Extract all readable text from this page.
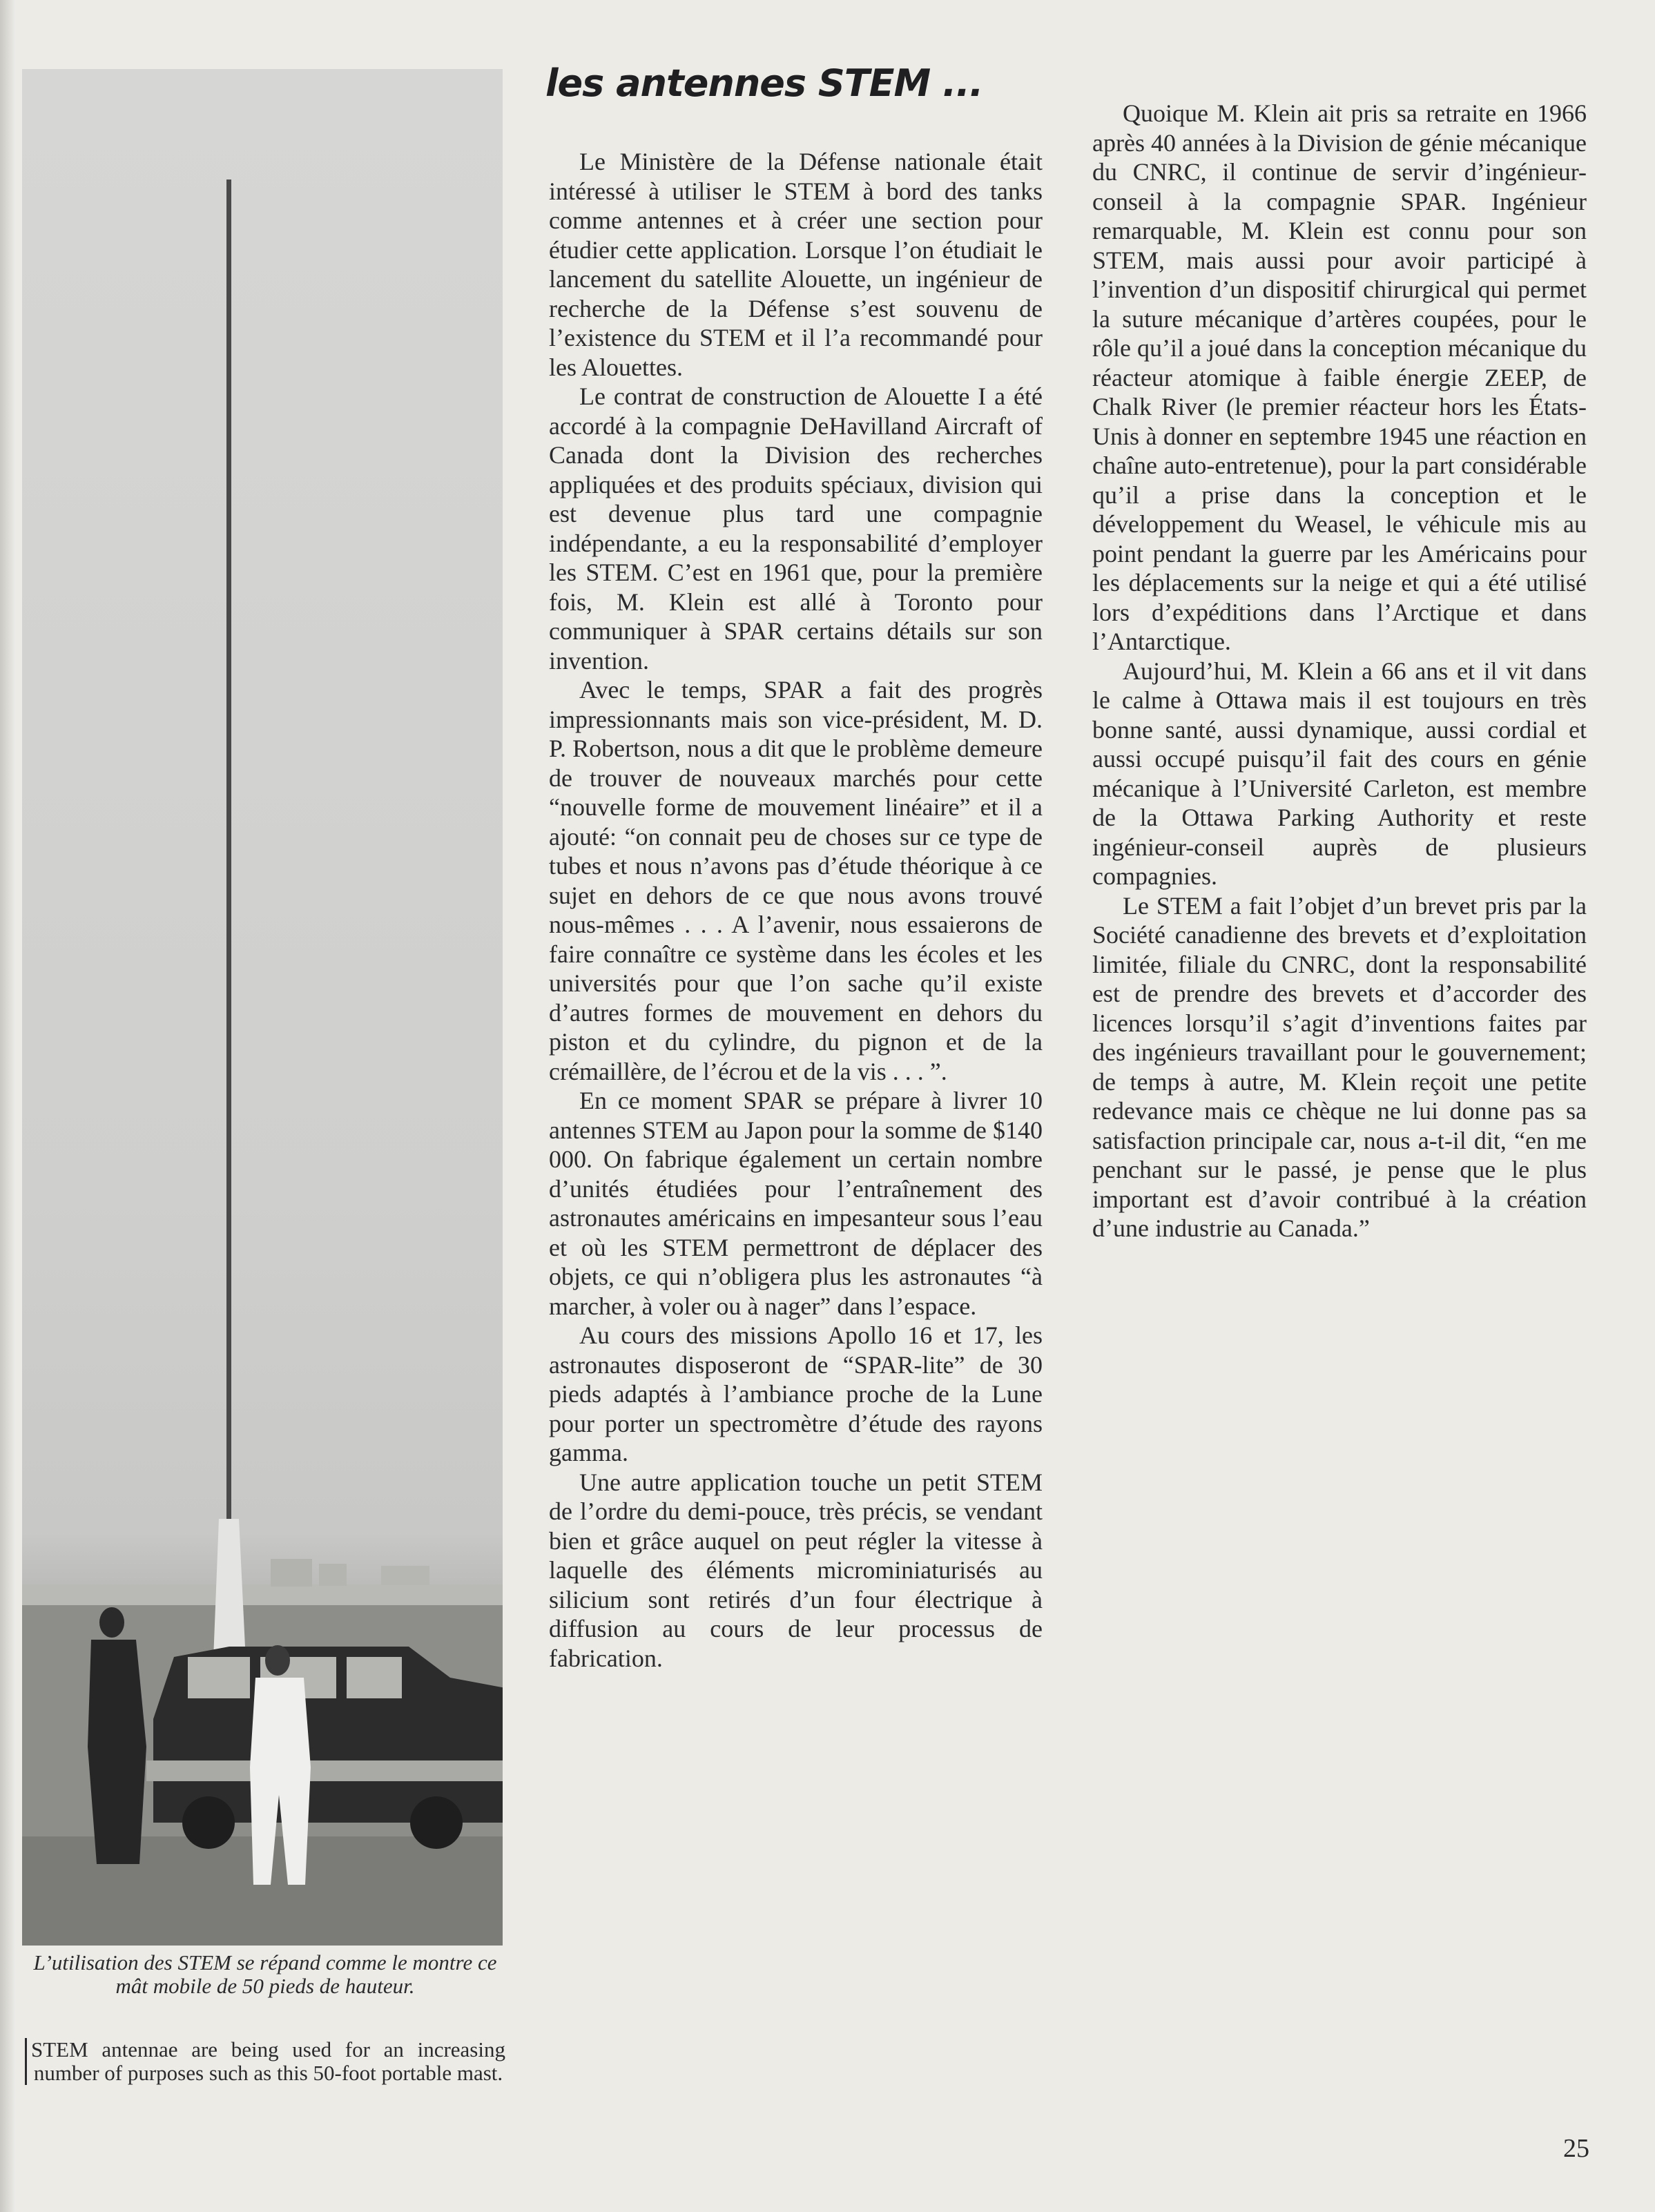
L’utilisation des STEM se répand comme le montre ce mât mobile de 50 pieds de hauteur.
STEM antennae are being used for an increasing number of purposes such as this 50-foot portable mast.
les antennes STEM ...

Le Ministère de la Défense nationale était intéressé à utiliser le STEM à bord des tanks comme antennes et à créer une section pour étudier cette application. Lorsque l’on étudiait le lancement du satellite Alouette, un ingénieur de recherche de la Défense s’est souvenu de l’existence du STEM et il l’a recommandé pour les Alouettes.

Le contrat de construction de Alouette I a été accordé à la compagnie DeHavilland Aircraft of Canada dont la Division des recherches appliquées et des produits spéciaux, division qui est devenue plus tard une compagnie indépendante, a eu la responsabilité d’employer les STEM. C’est en 1961 que, pour la première fois, M. Klein est allé à Toronto pour communiquer à SPAR certains détails sur son invention.

Avec le temps, SPAR a fait des progrès impressionnants mais son vice-président, M. D. P. Robertson, nous a dit que le problème demeure de trouver de nouveaux marchés pour cette “nouvelle forme de mouvement linéaire” et il a ajouté: “on connait peu de choses sur ce type de tubes et nous n’avons pas d’étude théorique à ce sujet en dehors de ce que nous avons trouvé nous-mêmes . . . A l’avenir, nous essaierons de faire connaître ce système dans les écoles et les universités pour que l’on sache qu’il existe d’autres formes de mouvement en dehors du piston et du cylindre, du pignon et de la crémaillère, de l’écrou et de la vis . . . ”.

En ce moment SPAR se prépare à livrer 10 antennes STEM au Japon pour la somme de $140 000. On fabrique également un certain nombre d’unités étudiées pour l’entraînement des astronautes américains en impesanteur sous l’eau et où les STEM permettront de déplacer des objets, ce qui n’obligera plus les astronautes “à marcher, à voler ou à nager” dans l’espace.

Au cours des missions Apollo 16 et 17, les astronautes disposeront de “SPAR-lite” de 30 pieds adaptés à l’ambiance proche de la Lune pour porter un spectromètre d’étude des rayons gamma.

Une autre application touche un petit STEM de l’ordre du demi-pouce, très précis, se vendant bien et grâce auquel on peut régler la vitesse à laquelle des éléments microminiaturisés au silicium sont retirés d’un four électrique à diffusion au cours de leur processus de fabrication.

Quoique M. Klein ait pris sa retraite en 1966 après 40 années à la Division de génie mécanique du CNRC, il continue de servir d’ingénieur-conseil à la compagnie SPAR. Ingénieur remarquable, M. Klein est connu pour son STEM, mais aussi pour avoir participé à l’invention d’un dispositif chirurgical qui permet la suture mécanique d’artères coupées, pour le rôle qu’il a joué dans la conception mécanique du réacteur atomique à faible énergie ZEEP, de Chalk River (le premier réacteur hors les États-Unis à donner en septembre 1945 une réaction en chaîne auto-entretenue), pour la part considérable qu’il a prise dans la conception et le développement du Weasel, le véhicule mis au point pendant la guerre par les Américains pour les déplacements sur la neige et qui a été utilisé lors d’expéditions dans l’Arctique et dans l’Antarctique.

Aujourd’hui, M. Klein a 66 ans et il vit dans le calme à Ottawa mais il est toujours en très bonne santé, aussi dynamique, aussi cordial et aussi occupé puisqu’il fait des cours en génie mécanique à l’Université Carleton, est membre de la Ottawa Parking Authority et reste ingénieur-conseil auprès de plusieurs compagnies.

Le STEM a fait l’objet d’un brevet pris par la Société canadienne des brevets et d’exploitation limitée, filiale du CNRC, dont la responsabilité est de prendre des brevets et d’accorder des licences lorsqu’il s’agit d’inventions faites par des ingénieurs travaillant pour le gouvernement; de temps à autre, M. Klein reçoit une petite redevance mais ce chèque ne lui donne pas sa satisfaction principale car, nous a-t-il dit, “en me penchant sur le passé, je pense que le plus important est d’avoir contribué à la création d’une industrie au Canada.”

25
